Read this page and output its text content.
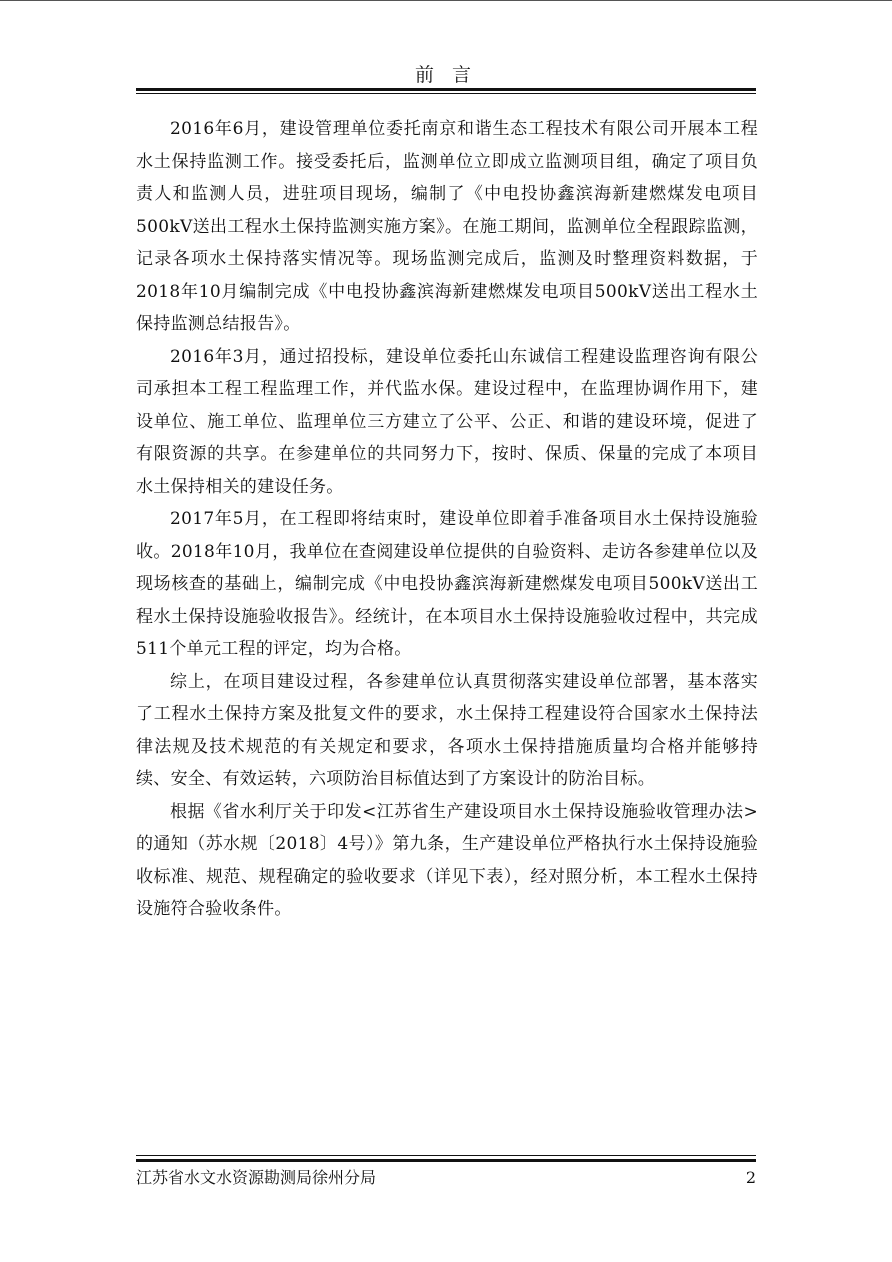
前 言

2016年6月，建设管理单位委托南京和谐生态工程技术有限公司开展本工程水土保持监测工作。接受委托后，监测单位立即成立监测项目组，确定了项目负责人和监测人员，进驻项目现场，编制了《中电投协鑫滨海新建燃煤发电项目500kV送出工程水土保持监测实施方案》。在施工期间，监测单位全程跟踪监测，记录各项水土保持落实情况等。现场监测完成后，监测及时整理资料数据，于2018年10月编制完成《中电投协鑫滨海新建燃煤发电项目500kV送出工程水土保持监测总结报告》。

2016年3月，通过招投标，建设单位委托山东诚信工程建设监理咨询有限公司承担本工程工程监理工作，并代监水保。建设过程中，在监理协调作用下，建设单位、施工单位、监理单位三方建立了公平、公正、和谐的建设环境，促进了有限资源的共享。在参建单位的共同努力下，按时、保质、保量的完成了本项目水土保持相关的建设任务。

2017年5月，在工程即将结束时，建设单位即着手准备项目水土保持设施验收。2018年10月，我单位在查阅建设单位提供的自验资料、走访各参建单位以及现场核查的基础上，编制完成《中电投协鑫滨海新建燃煤发电项目500kV送出工程水土保持设施验收报告》。经统计，在本项目水土保持设施验收过程中，共完成511个单元工程的评定，均为合格。

综上，在项目建设过程，各参建单位认真贯彻落实建设单位部署，基本落实了工程水土保持方案及批复文件的要求，水土保持工程建设符合国家水土保持法律法规及技术规范的有关规定和要求，各项水土保持措施质量均合格并能够持续、安全、有效运转，六项防治目标值达到了方案设计的防治目标。

根据《省水利厅关于印发<江苏省生产建设项目水土保持设施验收管理办法>的通知（苏水规〔2018〕4号）》第九条，生产建设单位严格执行水土保持设施验收标准、规范、规程确定的验收要求（详见下表），经对照分析，本工程水土保持设施符合验收条件。

江苏省水文水资源勘测局徐州分局	2
